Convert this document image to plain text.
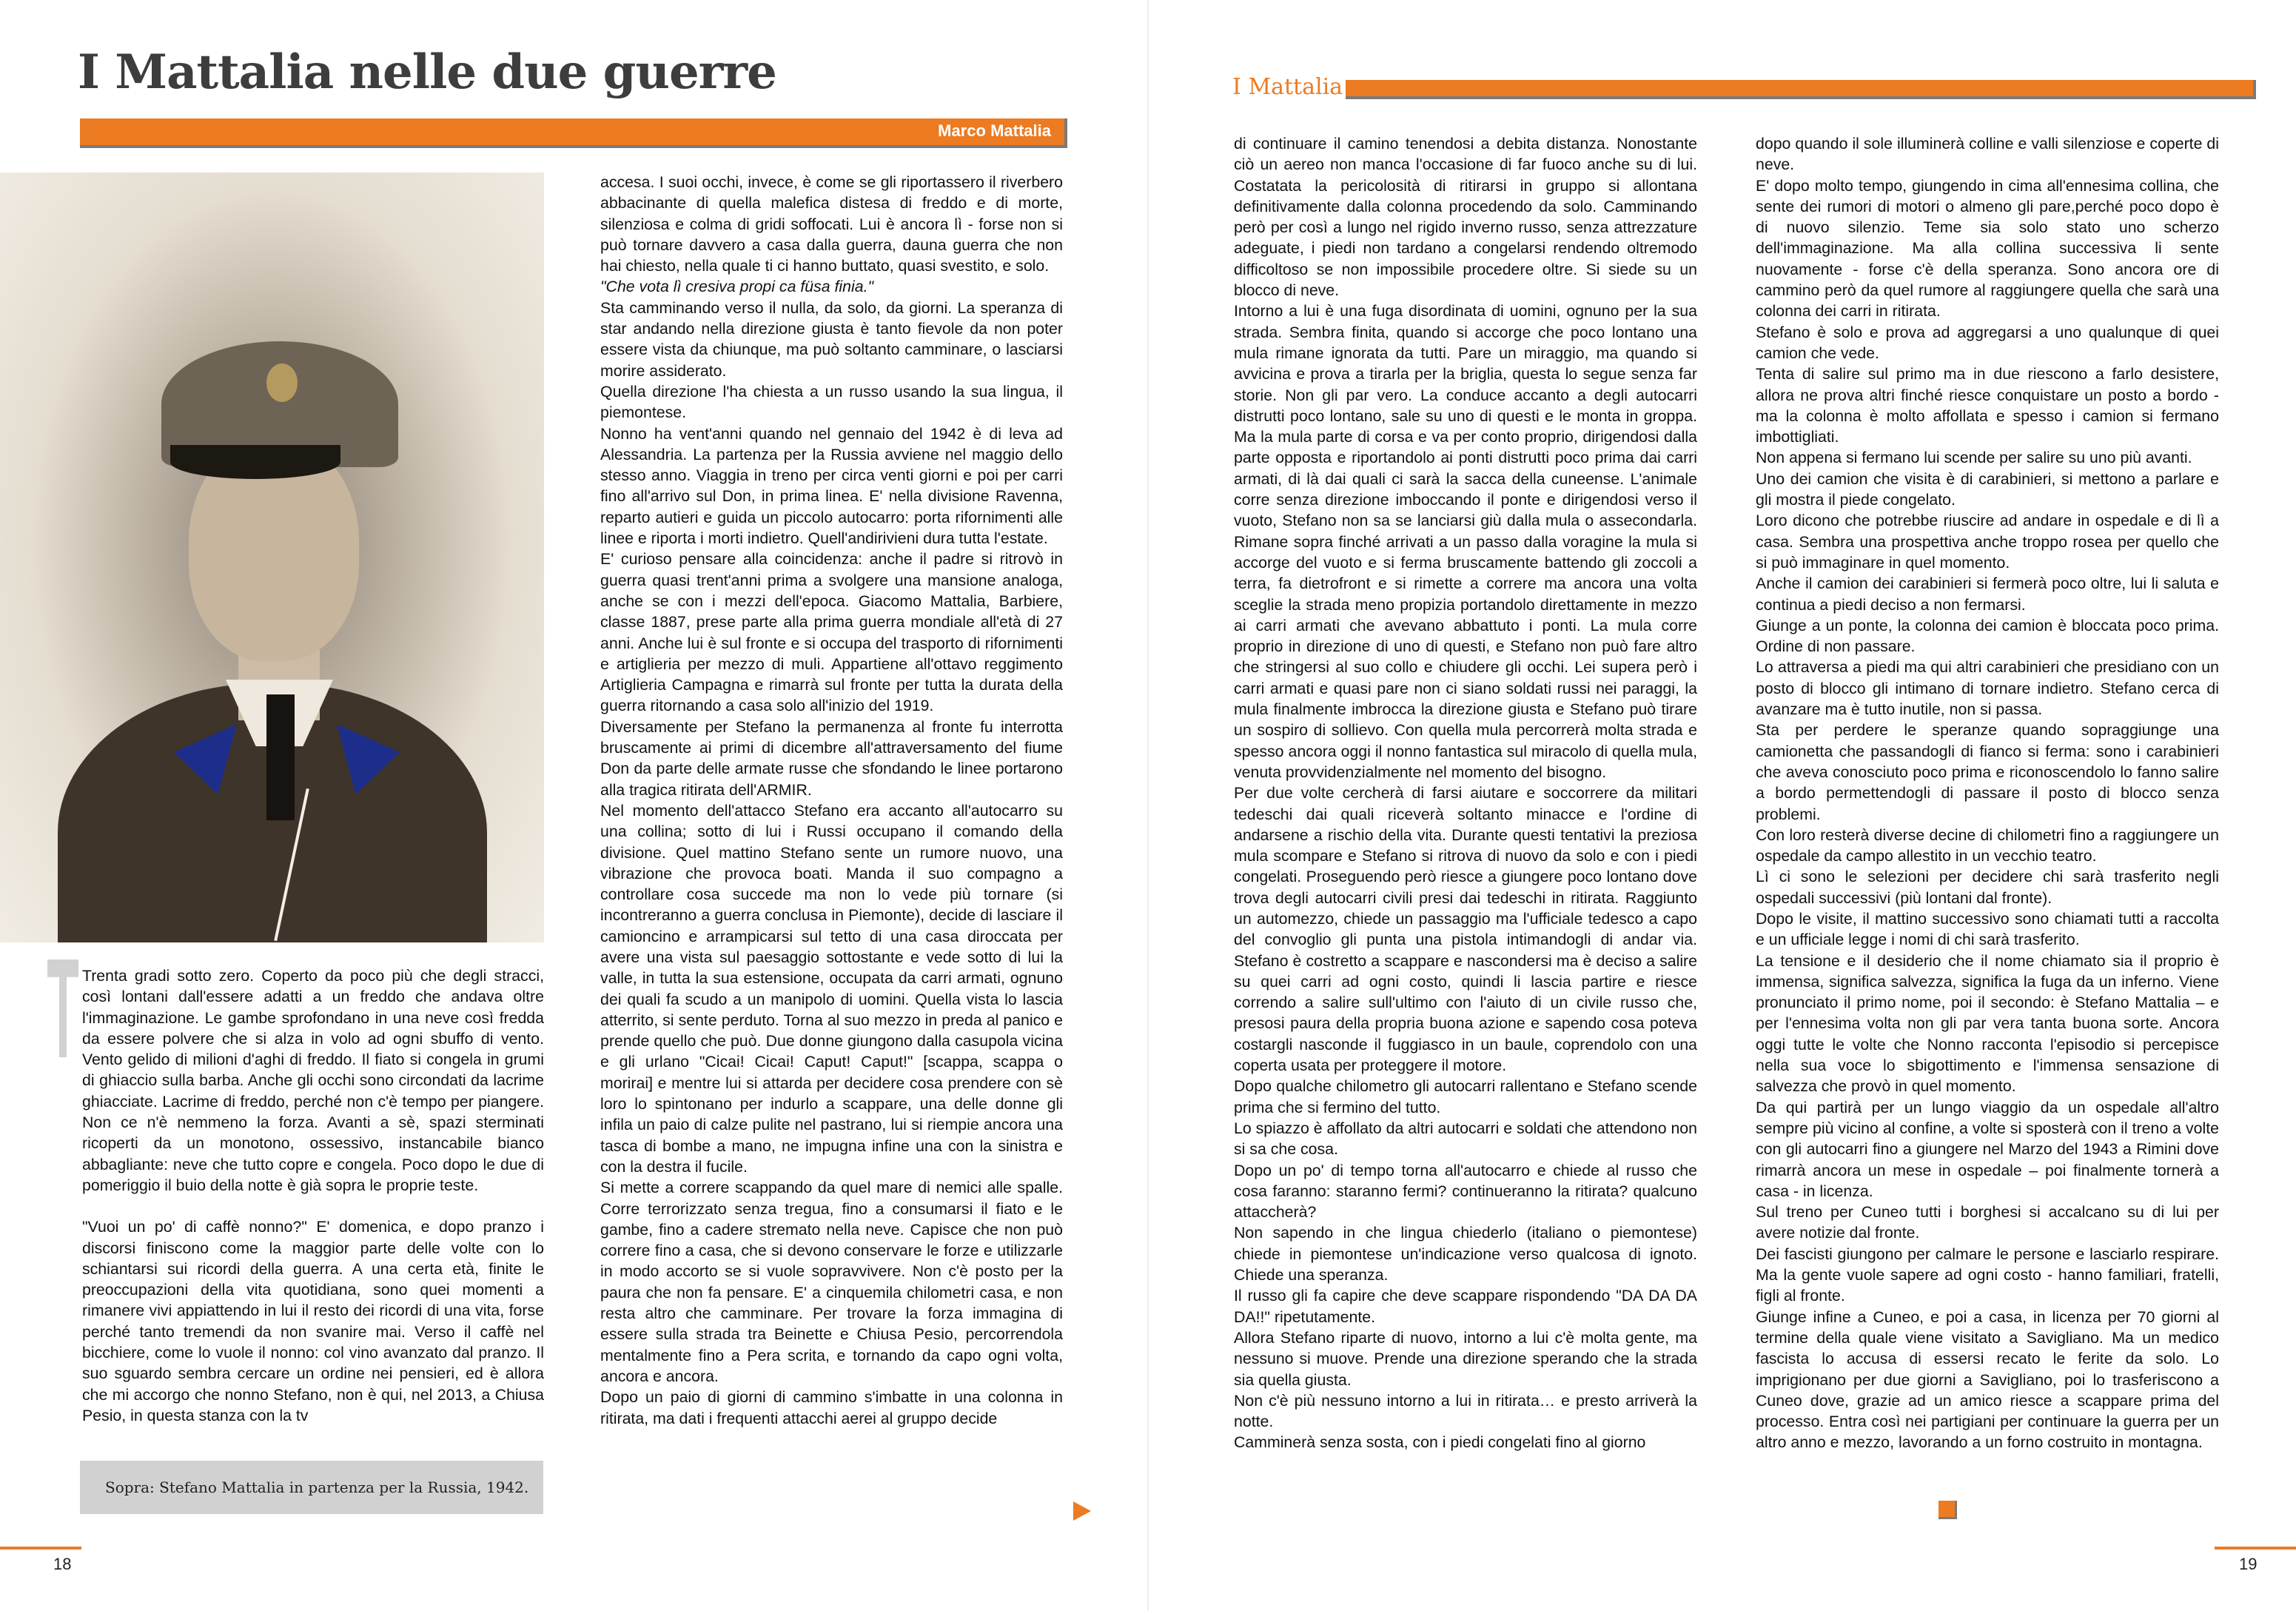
I Mattalia nelle due guerre
Marco Mattalia

Trenta gradi sotto zero. Coperto da poco più che degli stracci, così lontani dall'essere adatti a un freddo che andava oltre l'immaginazione. Le gambe sprofondano in una neve così fredda da essere polvere che si alza in volo ad ogni sbuffo di vento. Vento gelido di milioni d'aghi di freddo. Il fiato si congela in grumi di ghiaccio sulla barba. Anche gli occhi sono circondati da lacrime ghiacciate. Lacrime di freddo, perché non c'è tempo per piangere. Non ce n'è nemmeno la forza. Avanti a sè, spazi sterminati ricoperti da un monotono, ossessivo, instancabile bianco abbagliante: neve che tutto copre e congela. Poco dopo le due di pomeriggio il buio della notte è già sopra le proprie teste.

"Vuoi un po' di caffè nonno?" E' domenica, e dopo pranzo i discorsi finiscono come la maggior parte delle volte con lo schiantarsi sui ricordi della guerra. A una certa età, finite le preoccupazioni della vita quotidiana, sono quei momenti a rimanere vivi appiattendo in lui il resto dei ricordi di una vita, forse perché tanto tremendi da non svanire mai. Verso il caffè nel bicchiere, come lo vuole il nonno: col vino avanzato dal pranzo. Il suo sguardo sembra cercare un ordine nei pensieri, ed è allora che mi accorgo che nonno Stefano, non è qui, nel 2013, a Chiusa Pesio, in questa stanza con la tv

Sopra: Stefano Mattalia in partenza per la Russia, 1942.

accesa. I suoi occhi, invece, è come se gli riportassero il riverbero abbacinante di quella malefica distesa di freddo e di morte, silenziosa e colma di gridi soffocati. Lui è ancora lì - forse non si può tornare davvero a casa dalla guerra, dauna guerra che non hai chiesto, nella quale ti ci hanno buttato, quasi svestito, e solo.

"Che vota lì cresiva propi ca füsa finia."

Sta camminando verso il nulla, da solo, da giorni. La speranza di star andando nella direzione giusta è tanto fievole da non poter essere vista da chiunque, ma può soltanto camminare, o lasciarsi morire assiderato.

Quella direzione l'ha chiesta a un russo usando la sua lingua, il piemontese.

Nonno ha vent'anni quando nel gennaio del 1942 è di leva ad Alessandria. La partenza per la Russia avviene nel maggio dello stesso anno. Viaggia in treno per circa venti giorni e poi per carri fino all'arrivo sul Don, in prima linea. E' nella divisione Ravenna, reparto autieri e guida un piccolo autocarro: porta rifornimenti alle linee e riporta i morti indietro. Quell'andirivieni dura tutta l'estate.

E' curioso pensare alla coincidenza: anche il padre si ritrovò in guerra quasi trent'anni prima a svolgere una mansione analoga, anche se con i mezzi dell'epoca. Giacomo Mattalia, Barbiere, classe 1887, prese parte alla prima guerra mondiale all'età di 27 anni. Anche lui è sul fronte e si occupa del trasporto di rifornimenti e artiglieria per mezzo di muli. Appartiene all'ottavo reggimento Artiglieria Campagna e rimarrà sul fronte per tutta la durata della guerra ritornando a casa solo all'inizio del 1919.

Diversamente per Stefano la permanenza al fronte fu interrotta bruscamente ai primi di dicembre all'attraversamento del fiume Don da parte delle armate russe che sfondando le linee portarono alla tragica ritirata dell'ARMIR.

Nel momento dell'attacco Stefano era accanto all'autocarro su una collina; sotto di lui i Russi occupano il comando della divisione. Quel mattino Stefano sente un rumore nuovo, una vibrazione che provoca boati. Manda il suo compagno a controllare cosa succede ma non lo vede più tornare (si incontreranno a guerra conclusa in Piemonte), decide di lasciare il camioncino e arrampicarsi sul tetto di una casa diroccata per avere una vista sul paesaggio sottostante e vede sotto di lui la valle, in tutta la sua estensione, occupata da carri armati, ognuno dei quali fa scudo a un manipolo di uomini. Quella vista lo lascia atterrito, si sente perduto. Torna al suo mezzo in preda al panico e prende quello che può. Due donne giungono dalla casupola vicina e gli urlano "Cicai! Cicai! Caput! Caput!" [scappa, scappa o morirai] e mentre lui si attarda per decidere cosa prendere con sè loro lo spintonano per indurlo a scappare, una delle donne gli infila un paio di calze pulite nel pastrano, lui si riempie ancora una tasca di bombe a mano, ne impugna infine una con la sinistra e con la destra il fucile.

Si mette a correre scappando da quel mare di nemici alle spalle. Corre terrorizzato senza tregua, fino a consumarsi il fiato e le gambe, fino a cadere stremato nella neve. Capisce che non può correre fino a casa, che si devono conservare le forze e utilizzarle in modo accorto se si vuole sopravvivere. Non c'è posto per la paura che non fa pensare. E' a cinquemila chilometri casa, e non resta altro che camminare. Per trovare la forza immagina di essere sulla strada tra Beinette e Chiusa Pesio, percorrendola mentalmente fino a Pera scrita, e tornando da capo ogni volta, ancora e ancora.

Dopo un paio di giorni di cammino s'imbatte in una colonna in ritirata, ma dati i frequenti attacchi aerei al gruppo decide

18
I Mattalia

di continuare il camino tenendosi a debita distanza. Nonostante ciò un aereo non manca l'occasione di far fuoco anche su di lui. Costatata la pericolosità di ritirarsi in gruppo si allontana definitivamente dalla colonna procedendo da solo. Camminando però per così a lungo nel rigido inverno russo, senza attrezzature adeguate, i piedi non tardano a congelarsi rendendo oltremodo difficoltoso se non impossibile procedere oltre. Si siede su un blocco di neve.

Intorno a lui è una fuga disordinata di uomini, ognuno per la sua strada. Sembra finita, quando si accorge che poco lontano una mula rimane ignorata da tutti. Pare un miraggio, ma quando si avvicina e prova a tirarla per la briglia, questa lo segue senza far storie. Non gli par vero. La conduce accanto a degli autocarri distrutti poco lontano, sale su uno di questi e le monta in groppa. Ma la mula parte di corsa e va per conto proprio, dirigendosi dalla parte opposta e riportandolo ai ponti distrutti poco prima dai carri armati, di là dai quali ci sarà la sacca della cuneense. L'animale corre senza direzione imboccando il ponte e dirigendosi verso il vuoto, Stefano non sa se lanciarsi giù dalla mula o assecondarla. Rimane sopra finché arrivati a un passo dalla voragine la mula si accorge del vuoto e si ferma bruscamente battendo gli zoccoli a terra, fa dietrofront e si rimette a correre ma ancora una volta sceglie la strada meno propizia portandolo direttamente in mezzo ai carri armati che avevano abbattuto i ponti. La mula corre proprio in direzione di uno di questi, e Stefano non può fare altro che stringersi al suo collo e chiudere gli occhi. Lei supera però i carri armati e quasi pare non ci siano soldati russi nei paraggi, la mula finalmente imbrocca la direzione giusta e Stefano può tirare un sospiro di sollievo. Con quella mula percorrerà molta strada e spesso ancora oggi il nonno fantastica sul miracolo di quella mula, venuta provvidenzialmente nel momento del bisogno.

Per due volte cercherà di farsi aiutare e soccorrere da militari tedeschi dai quali riceverà soltanto minacce e l'ordine di andarsene a rischio della vita. Durante questi tentativi la preziosa mula scompare e Stefano si ritrova di nuovo da solo e con i piedi congelati. Proseguendo però riesce a giungere poco lontano dove trova degli autocarri civili presi dai tedeschi in ritirata. Raggiunto un automezzo, chiede un passaggio ma l'ufficiale tedesco a capo del convoglio gli punta una pistola intimandogli di andar via. Stefano è costretto a scappare e nascondersi ma è deciso a salire su quei carri ad ogni costo, quindi li lascia partire e riesce correndo a salire sull'ultimo con l'aiuto di un civile russo che, presosi paura della propria buona azione e sapendo cosa poteva costargli nasconde il fuggiasco in un baule, coprendolo con una coperta usata per proteggere il motore.

Dopo qualche chilometro gli autocarri rallentano e Stefano scende prima che si fermino del tutto.

Lo spiazzo è affollato da altri autocarri e soldati che attendono non si sa che cosa.

Dopo un po' di tempo torna all'autocarro e chiede al russo che cosa faranno: staranno fermi? continueranno la ritirata? qualcuno attaccherà?

Non sapendo in che lingua chiederlo (italiano o piemontese) chiede in piemontese un'indicazione verso qualcosa di ignoto. Chiede una speranza.

Il russo gli fa capire che deve scappare rispondendo "DA DA DA DA!!" ripetutamente.

Allora Stefano riparte di nuovo, intorno a lui c'è molta gente, ma nessuno si muove. Prende una direzione sperando che la strada sia quella giusta.

Non c'è più nessuno intorno a lui in ritirata… e presto arriverà la notte.

Camminerà senza sosta, con i piedi congelati fino al giorno

dopo quando il sole illuminerà colline e valli silenziose e coperte di neve.

E' dopo molto tempo, giungendo in cima all'ennesima collina, che sente dei rumori di motori o almeno gli pare,perché poco dopo è di nuovo silenzio. Teme sia solo stato uno scherzo dell'immaginazione. Ma alla collina successiva li sente nuovamente - forse c'è della speranza. Sono ancora ore di cammino però da quel rumore al raggiungere quella che sarà una colonna dei carri in ritirata.

Stefano è solo e prova ad aggregarsi a uno qualunque di quei camion che vede.

Tenta di salire sul primo ma in due riescono a farlo desistere, allora ne prova altri finché riesce conquistare un posto a bordo - ma la colonna è molto affollata e spesso i camion si fermano imbottigliati.

Non appena si fermano lui scende per salire su uno più avanti.

Uno dei camion che visita è di carabinieri, si mettono a parlare e gli mostra il piede congelato.

Loro dicono che potrebbe riuscire ad andare in ospedale e di lì a casa. Sembra una prospettiva anche troppo rosea per quello che si può immaginare in quel momento.

Anche il camion dei carabinieri si fermerà poco oltre, lui li saluta e continua a piedi deciso a non fermarsi.

Giunge a un ponte, la colonna dei camion è bloccata poco prima. Ordine di non passare.

Lo attraversa a piedi ma qui altri carabinieri che presidiano con un posto di blocco gli intimano di tornare indietro. Stefano cerca di avanzare ma è tutto inutile, non si passa.

Sta per perdere le speranze quando sopraggiunge una camionetta che passandogli di fianco si ferma: sono i carabinieri che aveva conosciuto poco prima e riconoscendolo lo fanno salire a bordo permettendogli di passare il posto di blocco senza problemi.

Con loro resterà diverse decine di chilometri fino a raggiungere un ospedale da campo allestito in un vecchio teatro.

Lì ci sono le selezioni per decidere chi sarà trasferito negli ospedali successivi (più lontani dal fronte).

Dopo le visite, il mattino successivo sono chiamati tutti a raccolta e un ufficiale legge i nomi di chi sarà trasferito.

La tensione e il desiderio che il nome chiamato sia il proprio è immensa, significa salvezza, significa la fuga da un inferno. Viene pronunciato il primo nome, poi il secondo: è Stefano Mattalia – e per l'ennesima volta non gli par vera tanta buona sorte. Ancora oggi tutte le volte che Nonno racconta l'episodio si percepisce nella sua voce lo sbigottimento e l'immensa sensazione di salvezza che provò in quel momento.

Da qui partirà per un lungo viaggio da un ospedale all'altro sempre più vicino al confine, a volte si sposterà con il treno a volte con gli autocarri fino a giungere nel Marzo del 1943 a Rimini dove rimarrà ancora un mese in ospedale – poi finalmente tornerà a casa - in licenza.

Sul treno per Cuneo tutti i borghesi si accalcano su di lui per avere notizie dal fronte.

Dei fascisti giungono per calmare le persone e lasciarlo respirare. Ma la gente vuole sapere ad ogni costo - hanno familiari, fratelli, figli al fronte.

Giunge infine a Cuneo, e poi a casa, in licenza per 70 giorni al termine della quale viene visitato a Savigliano. Ma un medico fascista lo accusa di essersi recato le ferite da solo. Lo imprigionano per due giorni a Savigliano, poi lo trasferiscono a Cuneo dove, grazie ad un amico riesce a scappare prima del processo. Entra così nei partigiani per continuare la guerra per un altro anno e mezzo, lavorando a un forno costruito in montagna.

19
